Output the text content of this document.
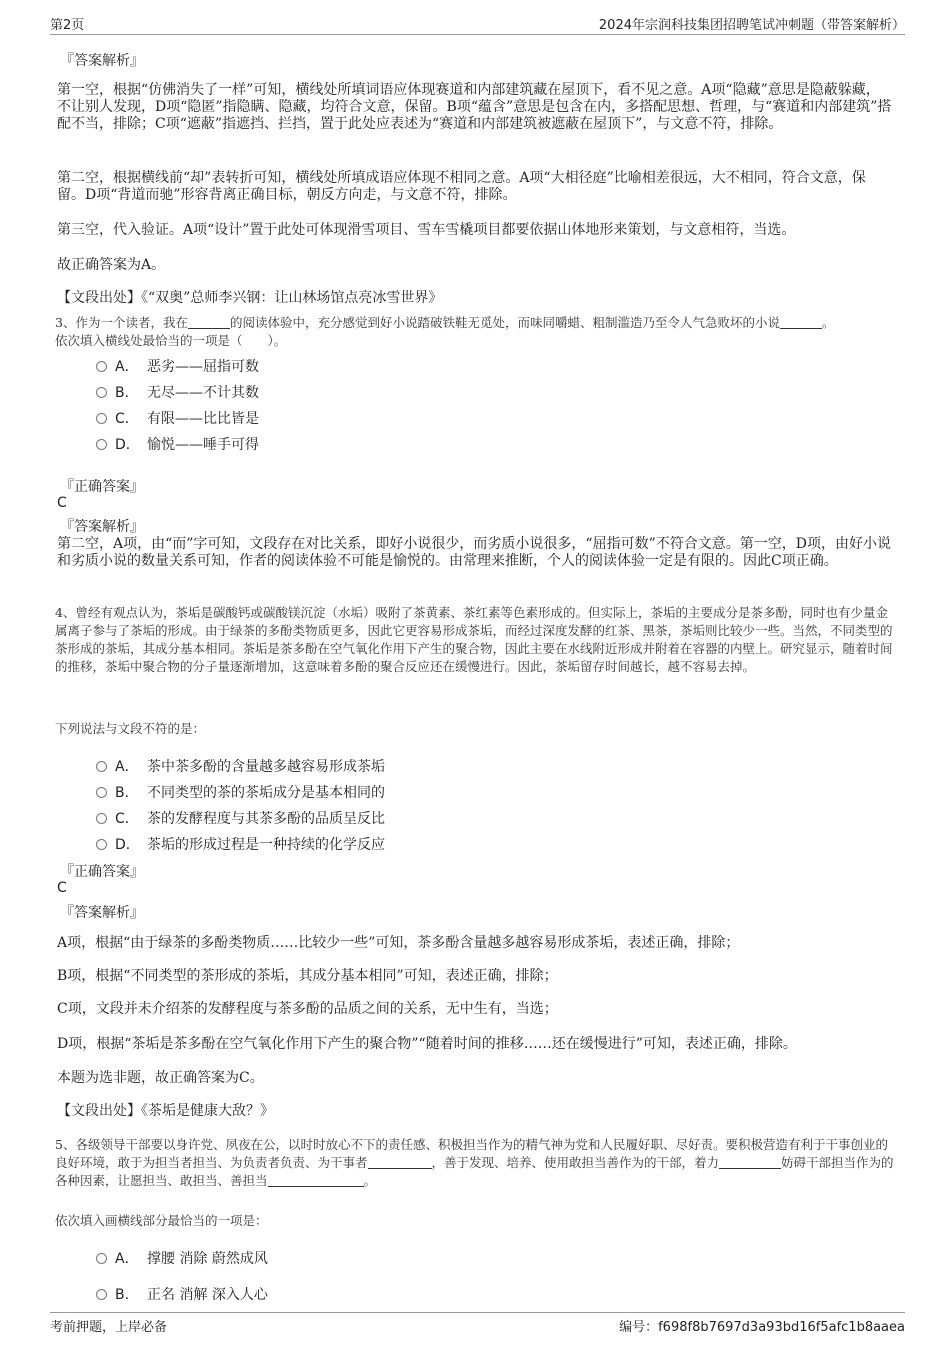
第2页	2024年宗润科技集团招聘笔试冲刺题（带答案解析）
『答案解析』
第一空，根据“仿佛消失了一样”可知，横线处所填词语应体现赛道和内部建筑藏在屋顶下，看不见之意。A项“隐藏”意思是隐蔽躲藏，不让别人发现，D项“隐匿”指隐瞒、隐藏，均符合文意，保留。B项“蕴含”意思是包含在内，多搭配思想、哲理，与“赛道和内部建筑”搭配不当，排除；C项“遮蔽”指遮挡、拦挡，置于此处应表述为“赛道和内部建筑被遮蔽在屋顶下”，与文意不符，排除。
第二空，根据横线前“却”表转折可知，横线处所填成语应体现不相同之意。A项“大相径庭”比喻相差很远，大不相同，符合文意，保留。D项“背道而驰”形容背离正确目标，朝反方向走，与文意不符，排除。
第三空，代入验证。A项“设计”置于此处可体现滑雪项目、雪车雪橇项目都要依据山体地形来策划，与文意相符，当选。
故正确答案为A。
【文段出处】《“双奥”总师李兴钢：让山林场馆点亮冰雪世界》
3、作为一个读者，我在	的阅读体验中，充分感觉到好小说踏破铁鞋无觅处，而味同嚼蜡、粗制滥造乃至令人气急败坏的小说	。
依次填入横线处最恰当的一项是（　　）。
A． 恶劣——屈指可数
B． 无尽——不计其数
C． 有限——比比皆是
D． 愉悦——唾手可得
『正确答案』
C
『答案解析』
第二空，A项，由“而”字可知，文段存在对比关系，即好小说很少，而劣质小说很多，“屈指可数”不符合文意。第一空，D项，由好小说和劣质小说的数量关系可知，作者的阅读体验不可能是愉悦的。由常理来推断，个人的阅读体验一定是有限的。因此C项正确。
4、曾经有观点认为，茶垢是碳酸钙或碳酸镁沉淀（水垢）吸附了茶黄素、茶红素等色素形成的。但实际上，茶垢的主要成分是茶多酚，同时也有少量金属离子参与了茶垢的形成。由于绿茶的多酚类物质更多，因此它更容易形成茶垢，而经过深度发酵的红茶、黑茶，茶垢则比较少一些。当然，不同类型的茶形成的茶垢，其成分基本相同。茶垢是茶多酚在空气氧化作用下产生的聚合物，因此主要在水线附近形成并附着在容器的内壁上。研究显示，随着时间的推移，茶垢中聚合物的分子量逐渐增加，这意味着多酚的聚合反应还在缓慢进行。因此，茶垢留存时间越长，越不容易去掉。
下列说法与文段不符的是：
A． 茶中茶多酚的含量越多越容易形成茶垢
B． 不同类型的茶的茶垢成分是基本相同的
C． 茶的发酵程度与其茶多酚的品质呈反比
D． 茶垢的形成过程是一种持续的化学反应
『正确答案』
C
『答案解析』
A项，根据“由于绿茶的多酚类物质……比较少一些”可知，茶多酚含量越多越容易形成茶垢，表述正确，排除；
B项，根据“不同类型的茶形成的茶垢，其成分基本相同”可知，表述正确，排除；
C项，文段并未介绍茶的发酵程度与茶多酚的品质之间的关系，无中生有，当选；
D项，根据“茶垢是茶多酚在空气氧化作用下产生的聚合物”“随着时间的推移……还在缓慢进行”可知，表述正确，排除。
本题为选非题，故正确答案为C。
【文段出处】《茶垢是健康大敌？》
5、各级领导干部要以身许党、夙夜在公，以时时放心不下的责任感、积极担当作为的精气神为党和人民履好职、尽好责。要积极营造有利于干事创业的良好环境，敢于为担当者担当、为负责者负责、为干事者	，善于发现、培养、使用敢担当善作为的干部，着力	妨碍干部担当作为的各种因素，让愿担当、敢担当、善担当	。
依次填入画横线部分最恰当的一项是：
A． 撑腰 消除 蔚然成风
B． 正名 消解 深入人心
考前押题，上岸必备	编号：f698f8b7697d3a93bd16f5afc1b8aaea
